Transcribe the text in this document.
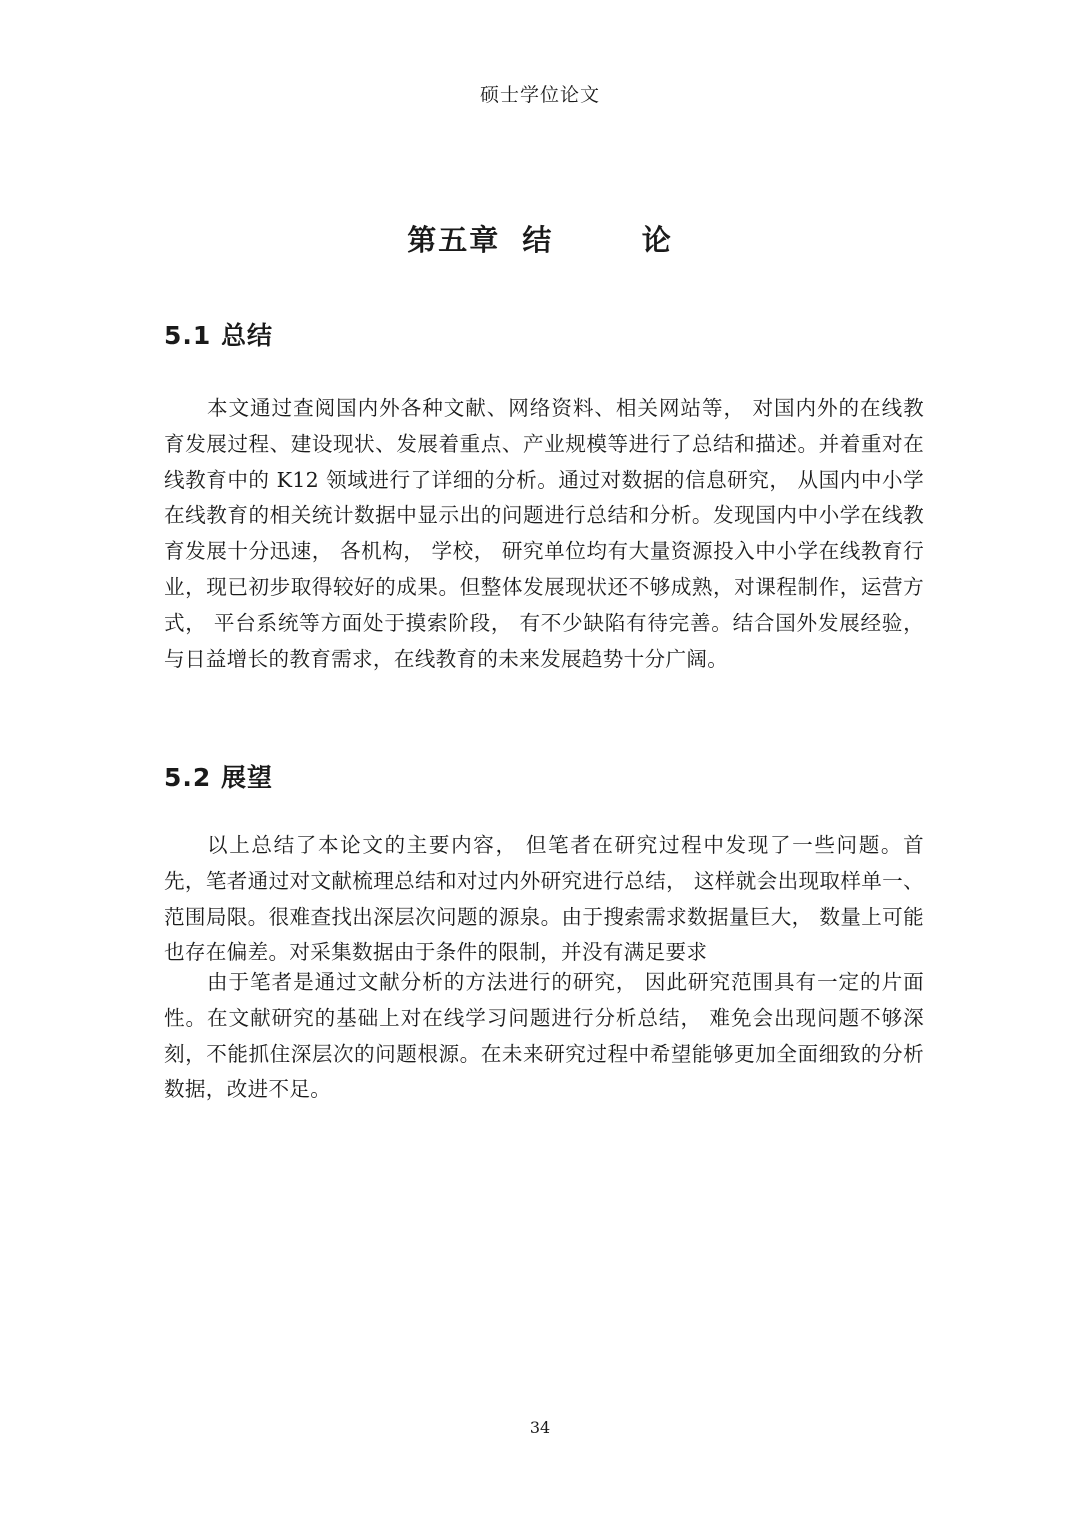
硕士学位论文
第五章 结    论
5.1 总结

本文通过查阅国内外各种文献、网络资料、相关网站等， 对国内外的在线教育发展过程、建设现状、发展着重点、产业规模等进行了总结和描述。并着重对在线教育中的 K12 领域进行了详细的分析。通过对数据的信息研究， 从国内中小学在线教育的相关统计数据中显示出的问题进行总结和分析。发现国内中小学在线教育发展十分迅速， 各机构， 学校， 研究单位均有大量资源投入中小学在线教育行业，现已初步取得较好的成果。但整体发展现状还不够成熟，对课程制作，运营方式， 平台系统等方面处于摸索阶段， 有不少缺陷有待完善。结合国外发展经验，与日益增长的教育需求，在线教育的未来发展趋势十分广阔。

5.2 展望

以上总结了本论文的主要内容， 但笔者在研究过程中发现了一些问题。首先，笔者通过对文献梳理总结和对过内外研究进行总结， 这样就会出现取样单一、范围局限。很难查找出深层次问题的源泉。由于搜索需求数据量巨大， 数量上可能也存在偏差。对采集数据由于条件的限制，并没有满足要求

由于笔者是通过文献分析的方法进行的研究， 因此研究范围具有一定的片面性。在文献研究的基础上对在线学习问题进行分析总结， 难免会出现问题不够深刻，不能抓住深层次的问题根源。在未来研究过程中希望能够更加全面细致的分析数据，改进不足。

34
